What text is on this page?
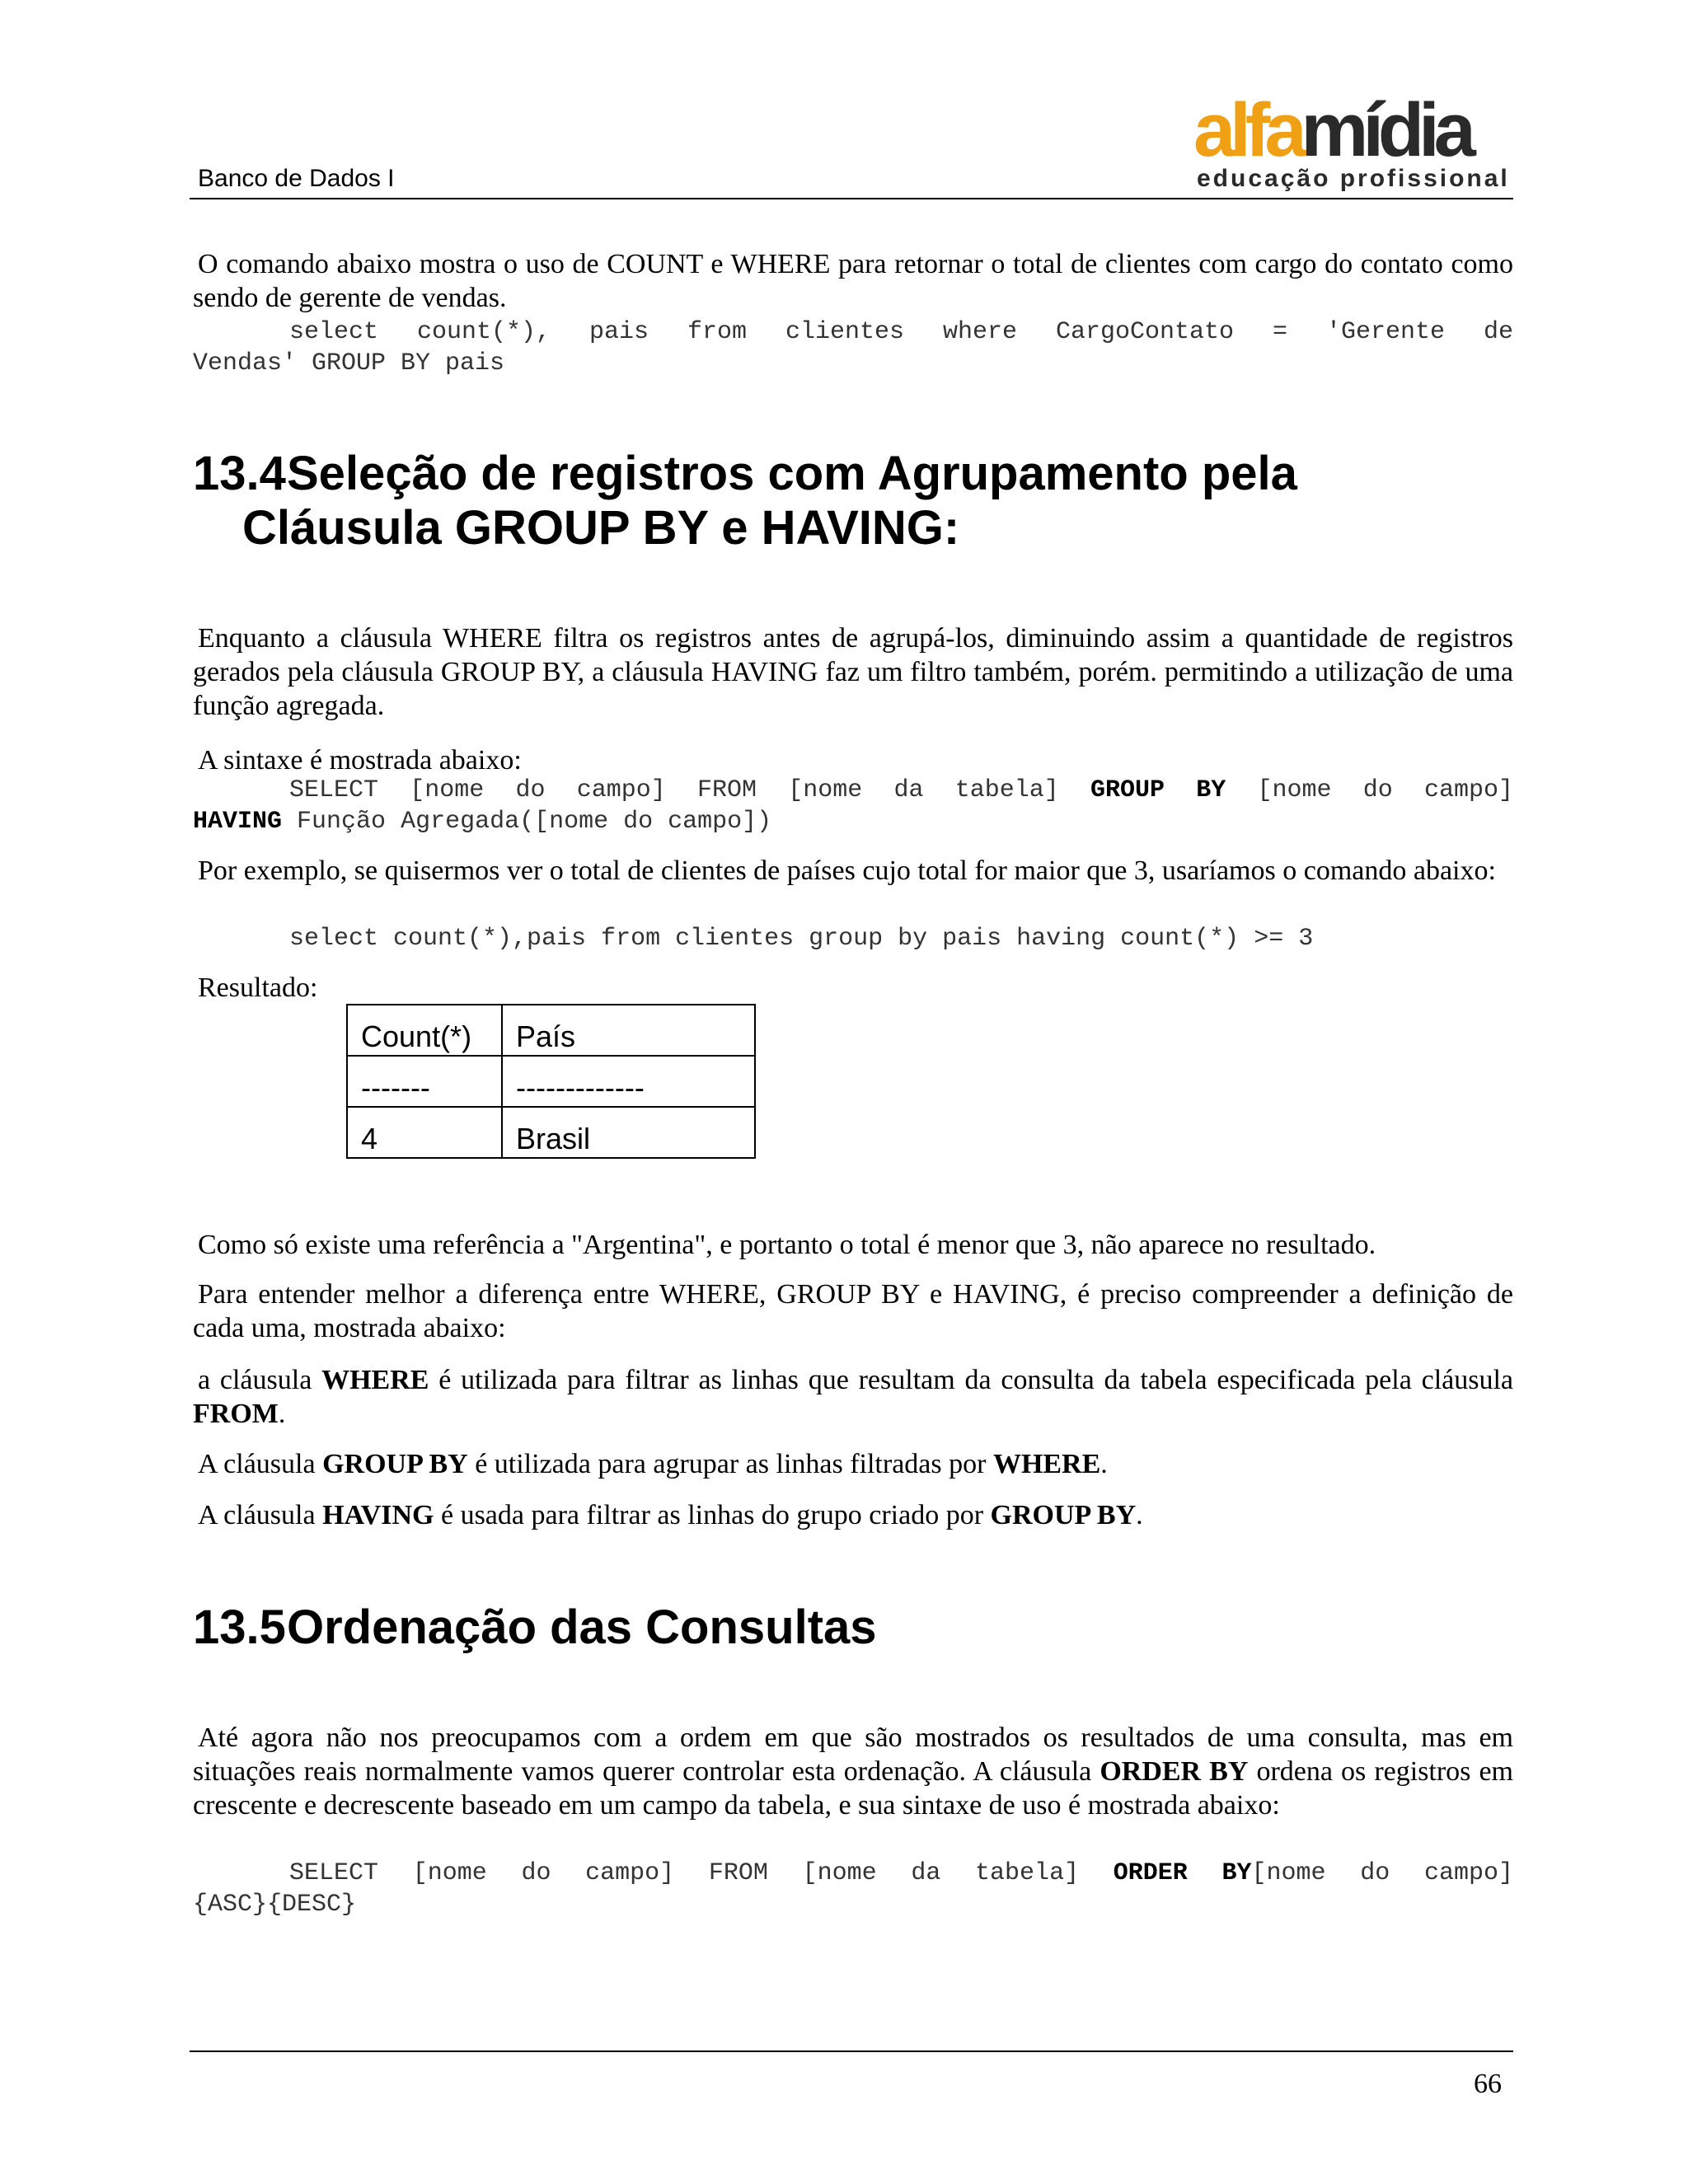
Banco de Dados I
alfamídia
educação profissional

O comando abaixo mostra o uso de COUNT e WHERE para retornar o total de clientes com cargo do contato como sendo de gerente de vendas.

select count(*), pais from clientes where CargoContato = 'Gerente de
Vendas' GROUP BY pais
13.4Seleção de registros com Agrupamento pela
Cláusula GROUP BY e HAVING:

Enquanto a cláusula WHERE filtra os registros antes de agrupá-los, diminuindo assim a quantidade de registros gerados pela cláusula GROUP BY, a cláusula HAVING faz um filtro também, porém. permitindo a utilização de uma função agregada.

A sintaxe é mostrada abaixo:

SELECT [nome do campo] FROM [nome da tabela] GROUP BY [nome do campo]
HAVING Função Agregada([nome do campo])

Por exemplo, se quisermos ver o total de clientes de países cujo total for maior que 3, usaríamos o comando abaixo:

select count(*),pais from clientes group by pais having count(*) >= 3

Resultado:

Count(*)	País
-------	-------------
4	Brasil

Como só existe uma referência a "Argentina", e portanto o total é menor que 3, não aparece no resultado.

Para entender melhor a diferença entre WHERE, GROUP BY e HAVING, é preciso compreender a definição de cada uma, mostrada abaixo:

a cláusula WHERE é utilizada para filtrar as linhas que resultam da consulta da tabela especificada pela cláusula FROM.

A cláusula GROUP BY é utilizada para agrupar as linhas filtradas por WHERE.

A cláusula HAVING é usada para filtrar as linhas do grupo criado por GROUP BY.

13.5Ordenação das Consultas

Até agora não nos preocupamos com a ordem em que são mostrados os resultados de uma consulta, mas em situações reais normalmente vamos querer controlar esta ordenação. A cláusula ORDER BY ordena os registros em crescente e decrescente baseado em um campo da tabela, e sua sintaxe de uso é mostrada abaixo:

SELECT [nome do campo] FROM [nome da tabela] ORDER BY[nome do campo]
{ASC}{DESC}
66
